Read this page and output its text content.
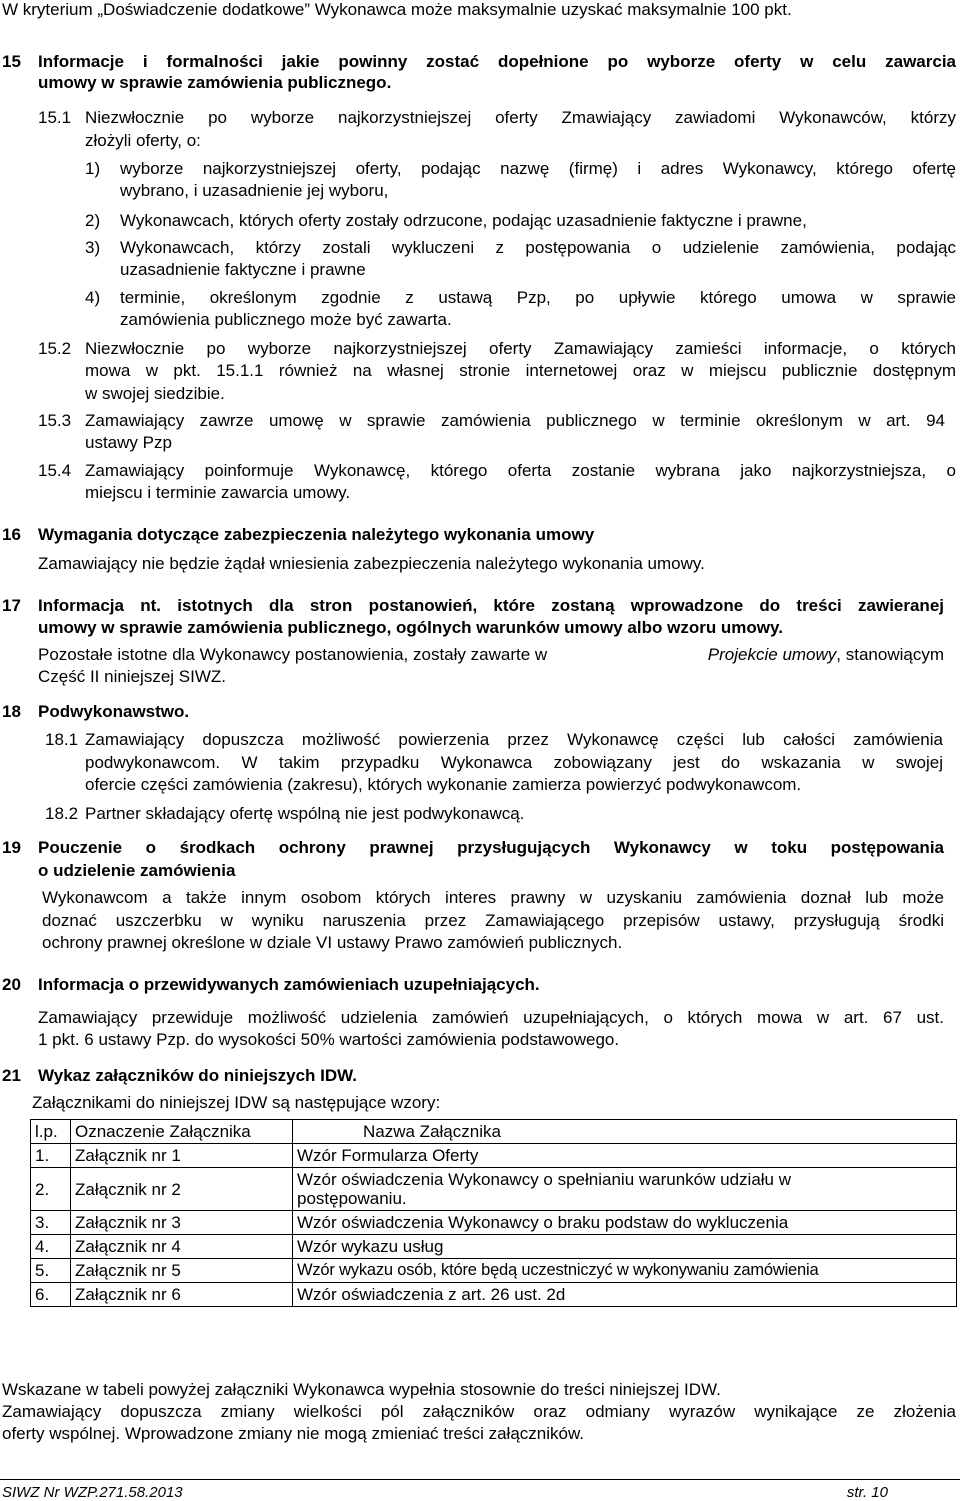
W kryterium „Doświadczenie dodatkowe” Wykonawca może maksymalnie uzyskać maksymalnie 100 pkt.
15 Informacje i formalności jakie powinny zostać dopełnione po wyborze oferty w celu zawarcia
umowy w sprawie zamówienia publicznego.
15.1 Niezwłocznie po wyborze najkorzystniejszej oferty Zmawiający zawiadomi Wykonawców, którzy
złożyli oferty, o:
1) wyborze najkorzystniejszej oferty, podając nazwę (firmę) i adres Wykonawcy, którego ofertę
wybrano, i uzasadnienie jej wyboru,
2) Wykonawcach, których oferty zostały odrzucone, podając uzasadnienie faktyczne i prawne,
3) Wykonawcach, którzy zostali wykluczeni z postępowania o udzielenie zamówienia, podając
uzasadnienie faktyczne i prawne
4) terminie, określonym zgodnie z ustawą Pzp, po upływie którego umowa w sprawie
zamówienia publicznego może być zawarta.
15.2 Niezwłocznie po wyborze najkorzystniejszej oferty Zamawiający zamieści informacje, o których
mowa w pkt. 15.1.1 również na własnej stronie internetowej oraz w miejscu publicznie dostępnym
w swojej siedzibie.
15.3 Zamawiający zawrze umowę w sprawie zamówienia publicznego w terminie określonym w art. 94
ustawy Pzp
15.4 Zamawiający poinformuje Wykonawcę, którego oferta zostanie wybrana jako najkorzystniejsza, o
miejscu i terminie zawarcia umowy.
16 Wymagania dotyczące zabezpieczenia należytego wykonania umowy
Zamawiający nie będzie żądał wniesienia zabezpieczenia należytego wykonania umowy.
17 Informacja nt. istotnych dla stron postanowień, które zostaną wprowadzone do treści zawieranej
umowy w sprawie zamówienia publicznego, ogólnych warunków umowy albo wzoru umowy.
Pozostałe istotne dla Wykonawcy postanowienia, zostały zawarte w	Projekcie umowy, stanowiącym
Część II niniejszej SIWZ.
18 Podwykonawstwo.
18.1 Zamawiający dopuszcza możliwość powierzenia przez Wykonawcę części lub całości zamówienia
podwykonawcom. W takim przypadku Wykonawca zobowiązany jest do wskazania w swojej
ofercie części zamówienia (zakresu), których wykonanie zamierza powierzyć podwykonawcom.
18.2 Partner składający ofertę wspólną nie jest podwykonawcą.
19 Pouczenie o środkach ochrony prawnej przysługujących Wykonawcy w toku postępowania
o udzielenie zamówienia
Wykonawcom a także innym osobom których interes prawny w uzyskaniu zamówienia doznał lub może
doznać uszczerbku w wyniku naruszenia przez Zamawiającego przepisów ustawy, przysługują środki
ochrony prawnej określone w dziale VI ustawy Prawo zamówień publicznych.
20 Informacja o przewidywanych zamówieniach uzupełniających.
Zamawiający przewiduje możliwość udzielenia zamówień uzupełniających, o których mowa w art. 67 ust.
1 pkt. 6 ustawy Pzp. do wysokości 50% wartości zamówienia podstawowego.
21 Wykaz załączników do niniejszych IDW.
Załącznikami do niniejszej IDW są następujące wzory:
l.p.	Oznaczenie Załącznika	Nazwa Załącznika
1.	Załącznik nr 1	Wzór Formularza Oferty
2.	Załącznik nr 2	Wzór oświadczenia Wykonawcy o spełnianiu warunków udziału w postępowaniu.
3.	Załącznik nr 3	Wzór oświadczenia Wykonawcy o braku podstaw do wykluczenia
4.	Załącznik nr 4	Wzór wykazu usług
5.	Załącznik nr 5	Wzór wykazu osób, które będą uczestniczyć w wykonywaniu zamówienia
6.	Załącznik nr 6	Wzór oświadczenia z art. 26 ust. 2d
Wskazane w tabeli powyżej załączniki Wykonawca wypełnia stosownie do treści niniejszej IDW.
Zamawiający dopuszcza zmiany wielkości pól załączników oraz odmiany wyrazów wynikające ze złożenia
oferty wspólnej. Wprowadzone zmiany nie mogą zmieniać treści załączników.
SIWZ Nr WZP.271.58.2013	str. 10
